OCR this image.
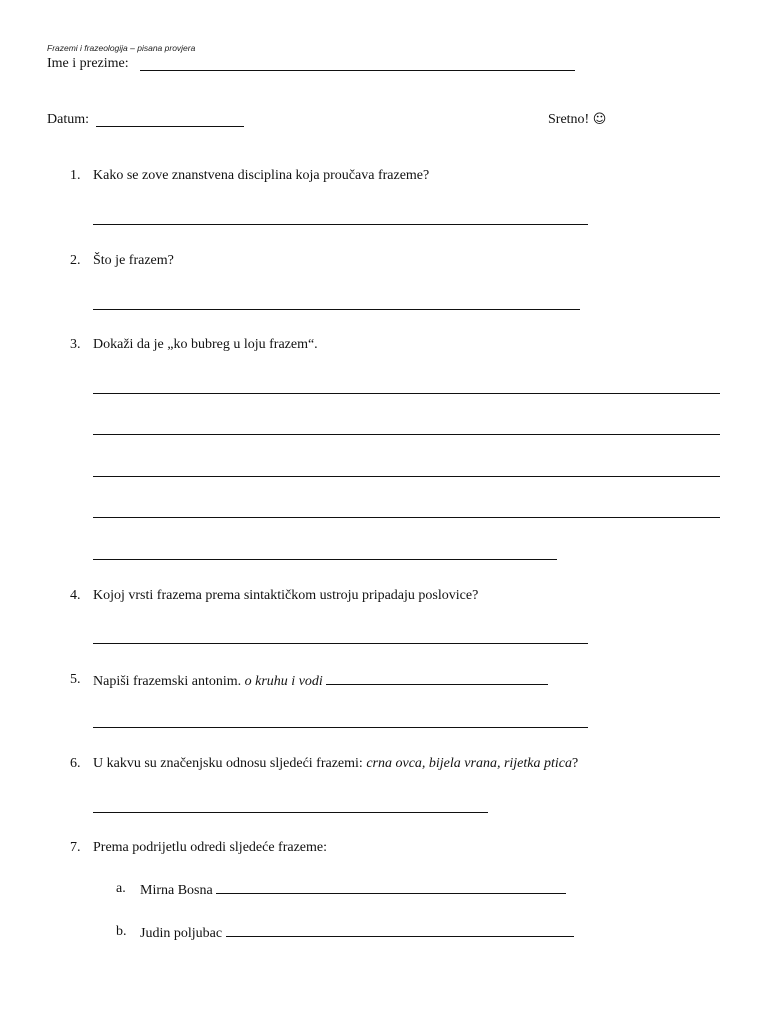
Frazemi i frazeologija – pisana provjera
Ime i prezime:
Datum:	Sretno! ☺
1. Kako se zove znanstvena disciplina koja proučava frazeme?
2. Što je frazem?
3. Dokaži da je „ko bubreg u loju frazem“.
4. Kojoj vrsti frazema prema sintaktičkom ustroju pripadaju poslovice?
5. Napiši frazemski antonim. o kruhu i vodi
6. U kakvu su značenjsku odnosu sljedeći frazemi: crna ovca, bijela vrana, rijetka ptica?
7. Prema podrijetlu odredi sljedeće frazeme:
a. Mirna Bosna
b. Judin poljubac
